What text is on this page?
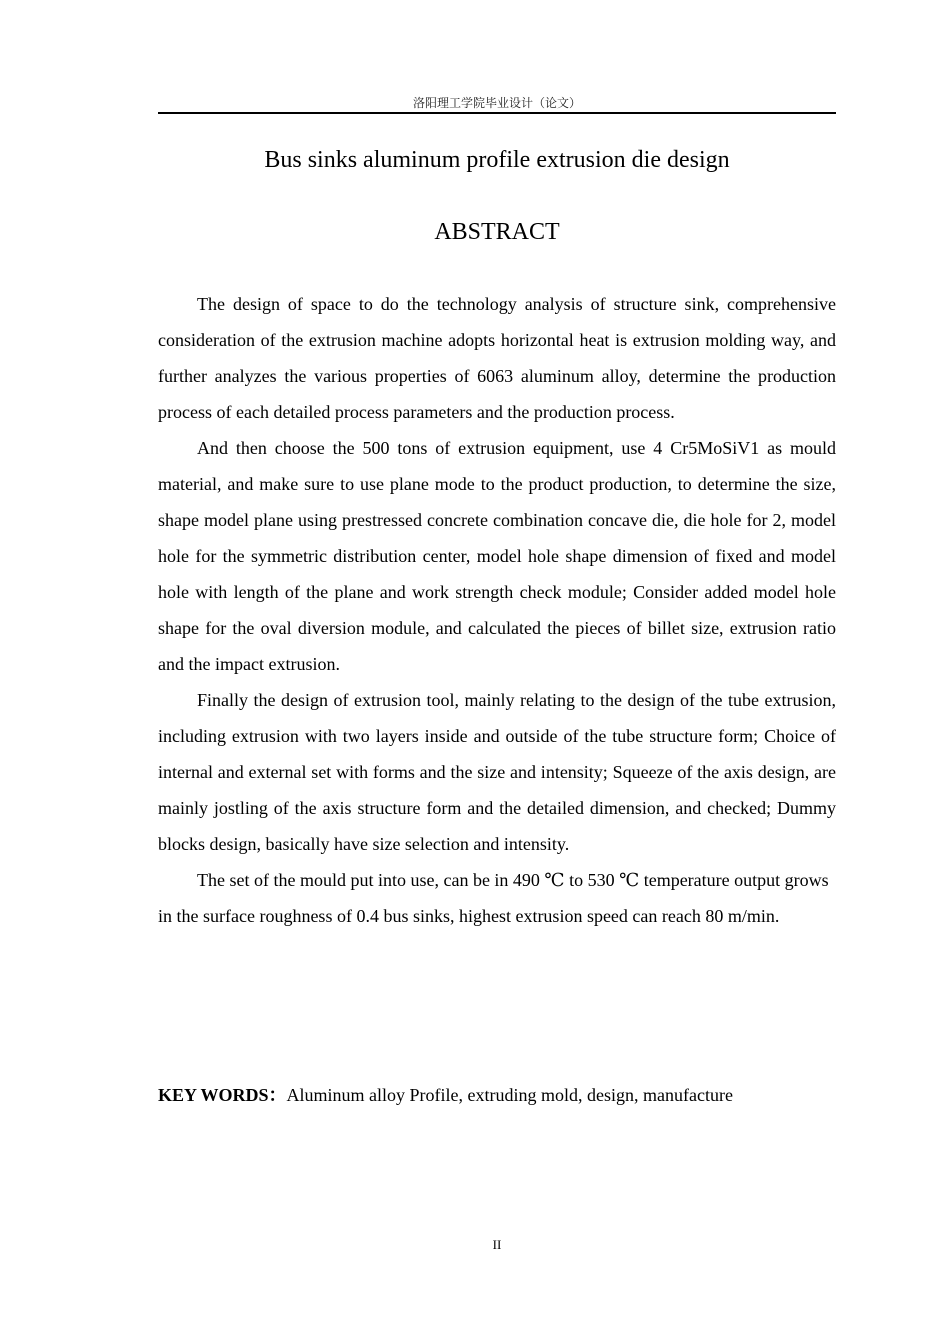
洛阳理工学院毕业设计（论文）
Bus sinks aluminum profile extrusion die design
ABSTRACT

The design of space to do the technology analysis of structure sink, comprehensive consideration of the extrusion machine adopts horizontal heat is extrusion molding way, and further analyzes the various properties of 6063 aluminum alloy, determine the production process of each detailed process parameters and the production process.

And then choose the 500 tons of extrusion equipment, use 4 Cr5MoSiV1 as mould material, and make sure to use plane mode to the product production, to determine the size, shape model plane using prestressed concrete combination concave die, die hole for 2, model hole for the symmetric distribution center, model hole shape dimension of fixed and model hole with length of the plane and work strength check module; Consider added model hole shape for the oval diversion module, and calculated the pieces of billet size, extrusion ratio and the impact extrusion.

Finally the design of extrusion tool, mainly relating to the design of the tube extrusion, including extrusion with two layers inside and outside of the tube structure form; Choice of internal and external set with forms and the size and intensity; Squeeze of the axis design, are mainly jostling of the axis structure form and the detailed dimension, and checked; Dummy blocks design, basically have size selection and intensity.

The set of the mould put into use, can be in 490 ℃ to 530 ℃ temperature output grows in the surface roughness of 0.4 bus sinks, highest extrusion speed can reach 80 m/min.

KEY WORDS：Aluminum alloy Profile, extruding mold, design, manufacture
II
